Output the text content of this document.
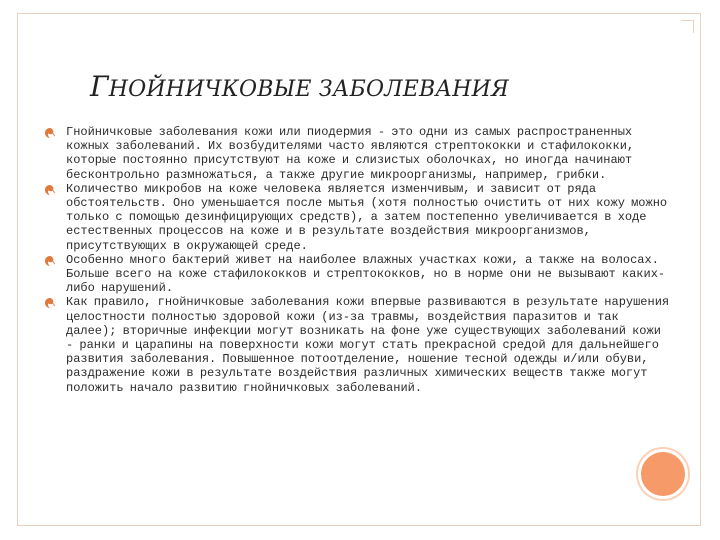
ГНОЙНИЧКОВЫЕ ЗАБОЛЕВАНИЯ
Гнойничковые заболевания кожи или пиодермия - это одни из самых распространенных кожных заболеваний. Их возбудителями часто являются стрептококки и стафилококки, которые постоянно присутствуют на коже и слизистых оболочках, но иногда начинают бесконтрольно размножаться, а также другие микроорганизмы, например, грибки.
Количество микробов на коже человека является изменчивым, и зависит от ряда обстоятельств. Оно уменьшается после мытья (хотя полностью очистить от них кожу можно только с помощью дезинфицирующих средств), а затем постепенно увеличивается в ходе естественных процессов на коже и в результате воздействия микроорганизмов, присутствующих в окружающей среде.
Особенно много бактерий живет на наиболее влажных участках кожи, а также на волосах. Больше всего на коже стафилококков и стрептококков, но в норме они не вызывают каких-либо нарушений.
Как правило, гнойничковые заболевания кожи впервые развиваются в результате нарушения целостности полностью здоровой кожи (из-за травмы, воздействия паразитов и так далее); вторичные инфекции могут возникать на фоне уже существующих заболеваний кожи - ранки и царапины на поверхности кожи могут стать прекрасной средой для дальнейшего развития заболевания. Повышенное потоотделение, ношение тесной одежды и/или обуви, раздражение кожи в результате воздействия различных химических веществ также могут положить начало развитию гнойничковых заболеваний.
